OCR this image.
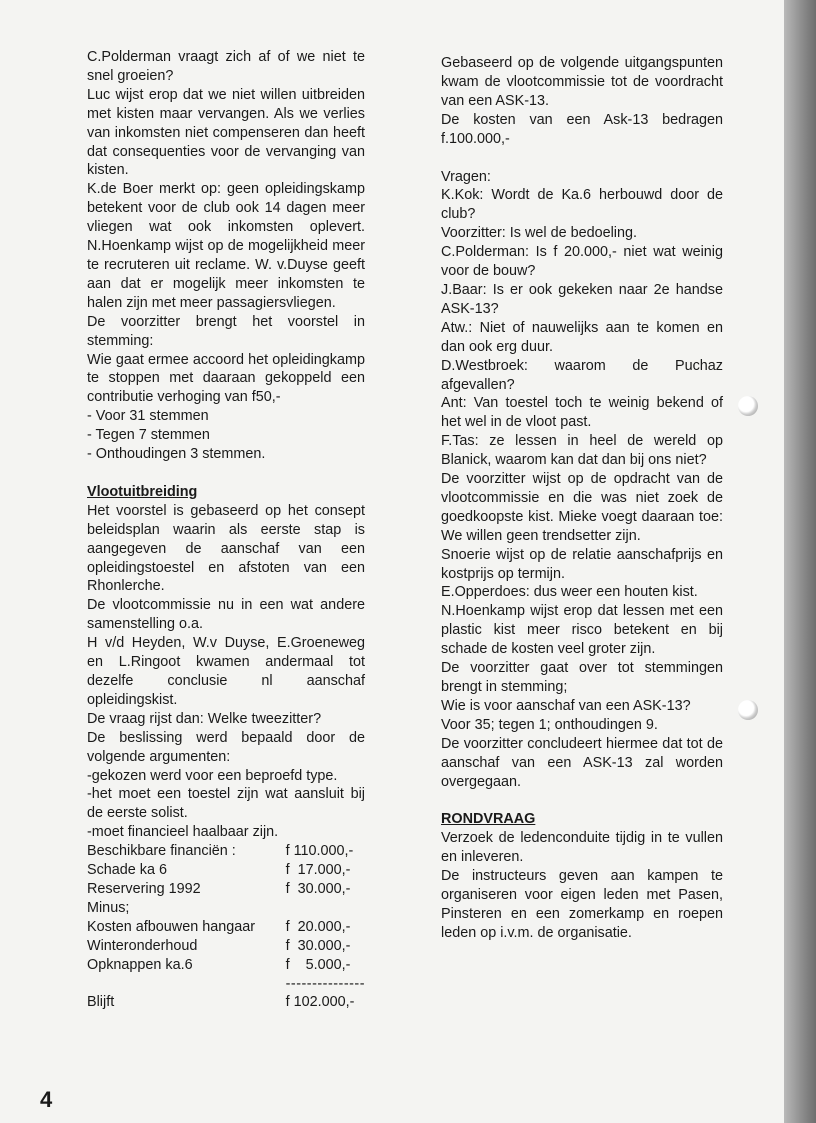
C.Polderman vraagt zich af of we niet te snel groeien?

Luc wijst erop dat we niet willen uitbreiden met kisten maar vervangen. Als we verlies van inkomsten niet compenseren dan heeft dat consequenties voor de vervanging van kisten.

K.de Boer merkt op: geen opleidingskamp betekent voor de club ook 14 dagen meer vliegen wat ook inkomsten oplevert. N.Hoenkamp wijst op de mogelijkheid meer te recruteren uit reclame. W. v.Duyse geeft aan dat er mogelijk meer inkomsten te halen zijn met meer passagiersvliegen.

De voorzitter brengt het voorstel in stemming:

Wie gaat ermee accoord het opleidingkamp te stoppen met daaraan gekoppeld een contributie verhoging van f50,-

- Voor 31 stemmen

- Tegen 7 stemmen

- Onthoudingen 3 stemmen.

Vlootuitbreiding

Het voorstel is gebaseerd op het consept beleidsplan waarin als eerste stap is aangegeven de aanschaf van een opleidingstoestel en afstoten van een Rhonlerche.

De vlootcommissie nu in een wat andere samenstelling o.a.

H v/d Heyden, W.v Duyse, E.Groeneweg en L.Ringoot kwamen andermaal tot dezelfe conclusie nl aanschaf opleidingskist.

De vraag rijst dan: Welke tweezitter?

De beslissing werd bepaald door de volgende argumenten:

-gekozen werd voor een beproefd type.

-het moet een toestel zijn wat aansluit bij de eerste solist.

-moet financieel haalbaar zijn.

Beschikbare financiën :	f 110.000,-
Schade ka 6	f  17.000,-
Reservering 1992	f  30.000,-
Minus;	
Kosten afbouwen hangaar	f  20.000,-
Winteronderhoud	f  30.000,-
Opknappen ka.6	f    5.000,-
	---------------
Blijft	f 102.000,-

Gebaseerd op de volgende uitgangspunten kwam de vlootcommissie tot de voordracht van een ASK-13.

De kosten van een Ask-13 bedragen f.100.000,-

Vragen:

K.Kok: Wordt de Ka.6 herbouwd door de club?

Voorzitter: Is wel de bedoeling.

C.Polderman: Is f 20.000,- niet wat weinig voor de bouw?

J.Baar: Is er ook gekeken naar 2e handse ASK-13?

Atw.: Niet of nauwelijks aan te komen en dan ook erg duur.

D.Westbroek: waarom de Puchaz afgevallen?

Ant: Van toestel toch te weinig bekend of het wel in de vloot past.

F.Tas: ze lessen in heel de wereld op Blanick, waarom kan dat dan bij ons niet?

De voorzitter wijst op de opdracht van de vlootcommissie en die was niet zoek de goedkoopste kist. Mieke voegt daaraan toe: We willen geen trendsetter zijn.

Snoerie wijst op de relatie aanschafprijs en kostprijs op termijn.

E.Opperdoes: dus weer een houten kist.

N.Hoenkamp wijst erop dat lessen met een plastic kist meer risco betekent en bij schade de kosten veel groter zijn.

De voorzitter gaat over tot stemmingen brengt in stemming;

Wie is voor aanschaf van een ASK-13?

Voor 35; tegen 1; onthoudingen 9.

De voorzitter concludeert hiermee dat tot de aanschaf van een ASK-13 zal worden overgegaan.

RONDVRAAG

Verzoek de ledenconduite tijdig in te vullen en inleveren.

De instructeurs geven aan kampen te organiseren voor eigen leden met Pasen, Pinsteren en een zomerkamp en roepen leden op i.v.m. de organisatie.

4
